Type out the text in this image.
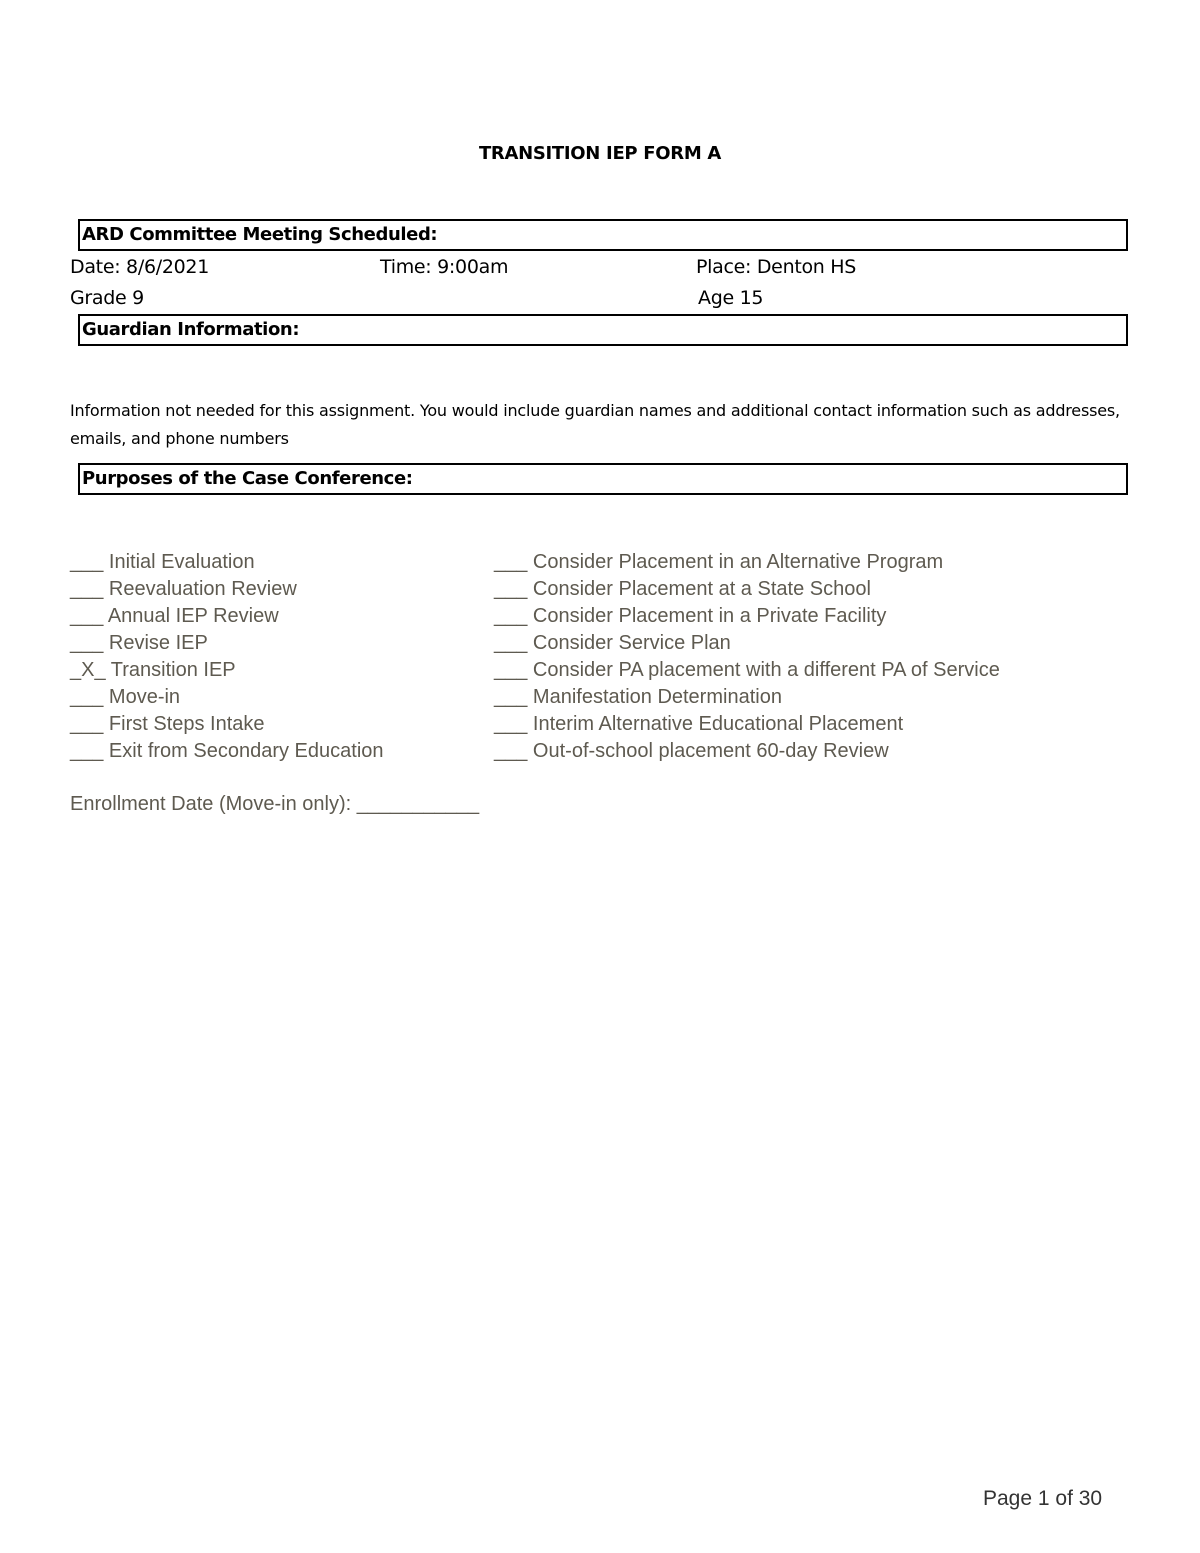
TRANSITION IEP FORM A
ARD Committee Meeting Scheduled:
Date: 8/6/2021	Time: 9:00am	Place: Denton HS
Grade 9	Age 15
Guardian Information:
Information not needed for this assignment. You would include guardian names and additional contact information such as addresses, emails, and phone numbers
Purposes of the Case Conference:
___ Initial Evaluation
___ Reevaluation Review
___ Annual IEP Review
___ Revise IEP
_X_ Transition IEP
___ Move-in
___ First Steps Intake
___ Exit from Secondary Education
___ Consider Placement in an Alternative Program
___ Consider Placement at a State School
___ Consider Placement in a Private Facility
___ Consider Service Plan
___ Consider PA placement with a different PA of Service
___ Manifestation Determination
___ Interim Alternative Educational Placement
___ Out-of-school placement 60-day Review
Enrollment Date (Move-in only): ___________
Page 1 of 30
